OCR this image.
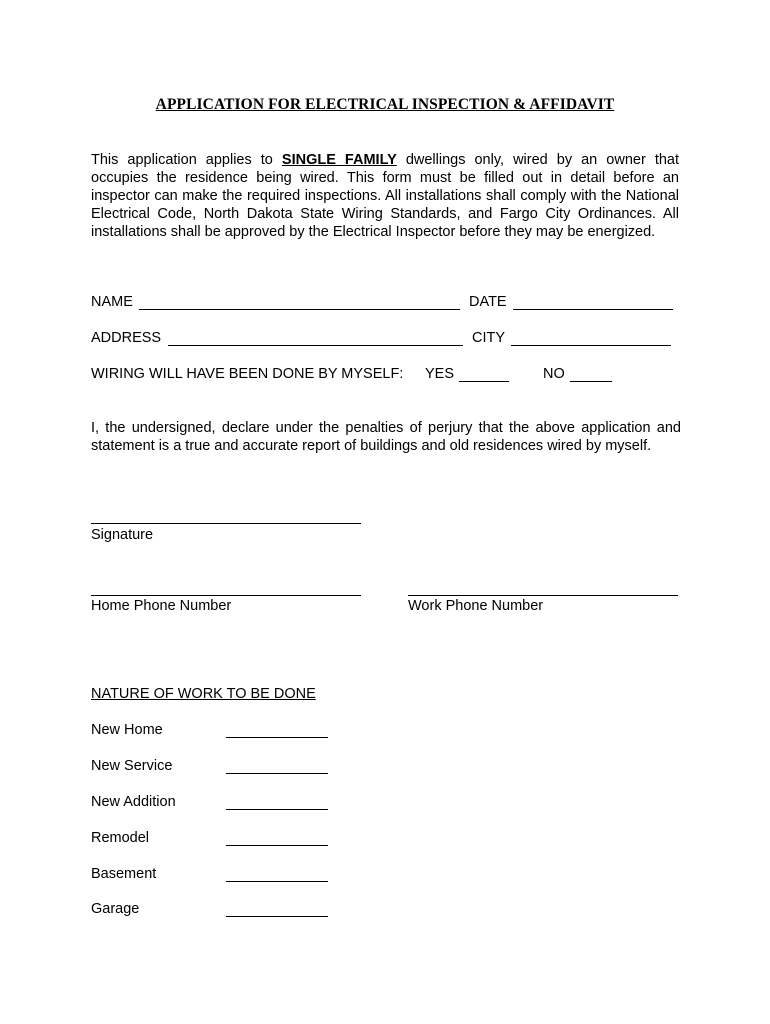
APPLICATION FOR ELECTRICAL INSPECTION & AFFIDAVIT

This application applies to SINGLE FAMILY dwellings only, wired by an owner that occupies the residence being wired. This form must be filled out in detail before an inspector can make the required inspections. All installations shall comply with the National Electrical Code, North Dakota State Wiring Standards, and Fargo City Ordinances. All installations shall be approved by the Electrical Inspector before they may be energized.

NAME	DATE
ADDRESS	CITY
WIRING WILL HAVE BEEN DONE BY MYSELF: YES	NO

I, the undersigned, declare under the penalties of perjury that the above application and statement is a true and accurate report of buildings and old residences wired by myself.

Signature
Home Phone Number	Work Phone Number
NATURE OF WORK TO BE DONE
New Home
New Service
New Addition
Remodel
Basement
Garage
